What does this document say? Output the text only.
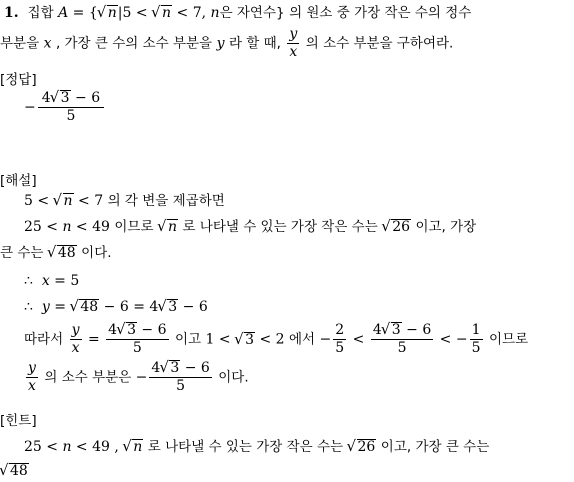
1. 집합 A = { √ n|5 < √ n < 7, n은 자연수} 의 원소 중 가장 작은 수의 정수
부분을 x , 가장 큰 수의 소수 부분을 y 라 할 때, $\frac{y}{x}$ 의 소수 부분을 구하여라.
[정답]
− $\frac{4 √ 3 - 6}{5}$
[해설]
5 < √ n < 7 의 각 변을 제곱하면
25 < n < 49 이므로 √ n 로 나타낼 수 있는 가장 작은 수는 √ 26 이고, 가장
큰 수는 √ 48 이다.
∴ x = 5
∴ y = √ 48 − 6 = 4 √ 3 − 6
따라서 $\frac{y}{x} = \frac{4 √ 3 - 6}{5}$ 이고 1 < √ 3 < 2 에서 − $\frac{2}{5} < \frac{4 √ 3 - 6}{5}$ < − $\frac{1}{5}$ 이므로
$\frac{y}{x}$ 의 소수 부분은 − $\frac{4 √ 3 - 6}{5}$ 이다.
[힌트]
25 < n < 49 , √ n 로 나타낼 수 있는 가장 작은 수는 √ 26 이고, 가장 큰 수는
√ 48
